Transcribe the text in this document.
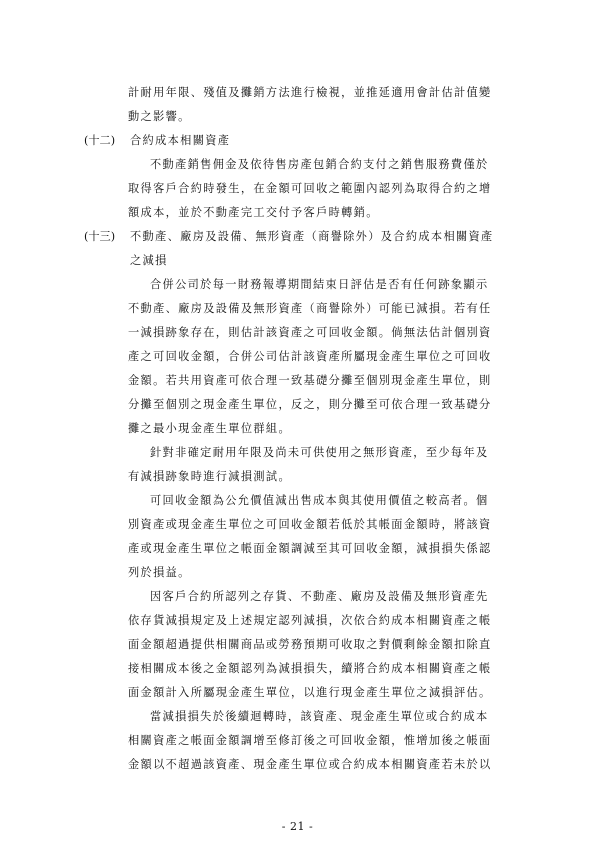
計耐用年限、殘值及攤銷方法進行檢視，並推延適用會計估計值變
動之影響。
(十二) 合約成本相關資產
不動產銷售佣金及依待售房產包銷合約支付之銷售服務費僅於
取得客戶合約時發生，在金額可回收之範圍內認列為取得合約之增
額成本，並於不動產完工交付予客戶時轉銷。
(十三) 不動產、廠房及設備、無形資產（商譽除外）及合約成本相關資產
之減損
合併公司於每一財務報導期間結束日評估是否有任何跡象顯示
不動產、廠房及設備及無形資產（商譽除外）可能已減損。若有任
一減損跡象存在，則估計該資產之可回收金額。倘無法估計個別資
產之可回收金額，合併公司估計該資產所屬現金產生單位之可回收
金額。若共用資產可依合理一致基礎分攤至個別現金產生單位，則
分攤至個別之現金產生單位，反之，則分攤至可依合理一致基礎分
攤之最小現金產生單位群組。
針對非確定耐用年限及尚未可供使用之無形資產，至少每年及
有減損跡象時進行減損測試。
可回收金額為公允價值減出售成本與其使用價值之較高者。個
別資產或現金產生單位之可回收金額若低於其帳面金額時，將該資
產或現金產生單位之帳面金額調減至其可回收金額，減損損失係認
列於損益。
因客戶合約所認列之存貨、不動產、廠房及設備及無形資產先
依存貨減損規定及上述規定認列減損，次依合約成本相關資產之帳
面金額超過提供相關商品或勞務預期可收取之對價剩餘金額扣除直
接相關成本後之金額認列為減損損失，續將合約成本相關資產之帳
面金額計入所屬現金產生單位，以進行現金產生單位之減損評估。
當減損損失於後續迴轉時，該資產、現金產生單位或合約成本
相關資產之帳面金額調增至修訂後之可回收金額，惟增加後之帳面
金額以不超過該資產、現金產生單位或合約成本相關資產若未於以
- 21 -
